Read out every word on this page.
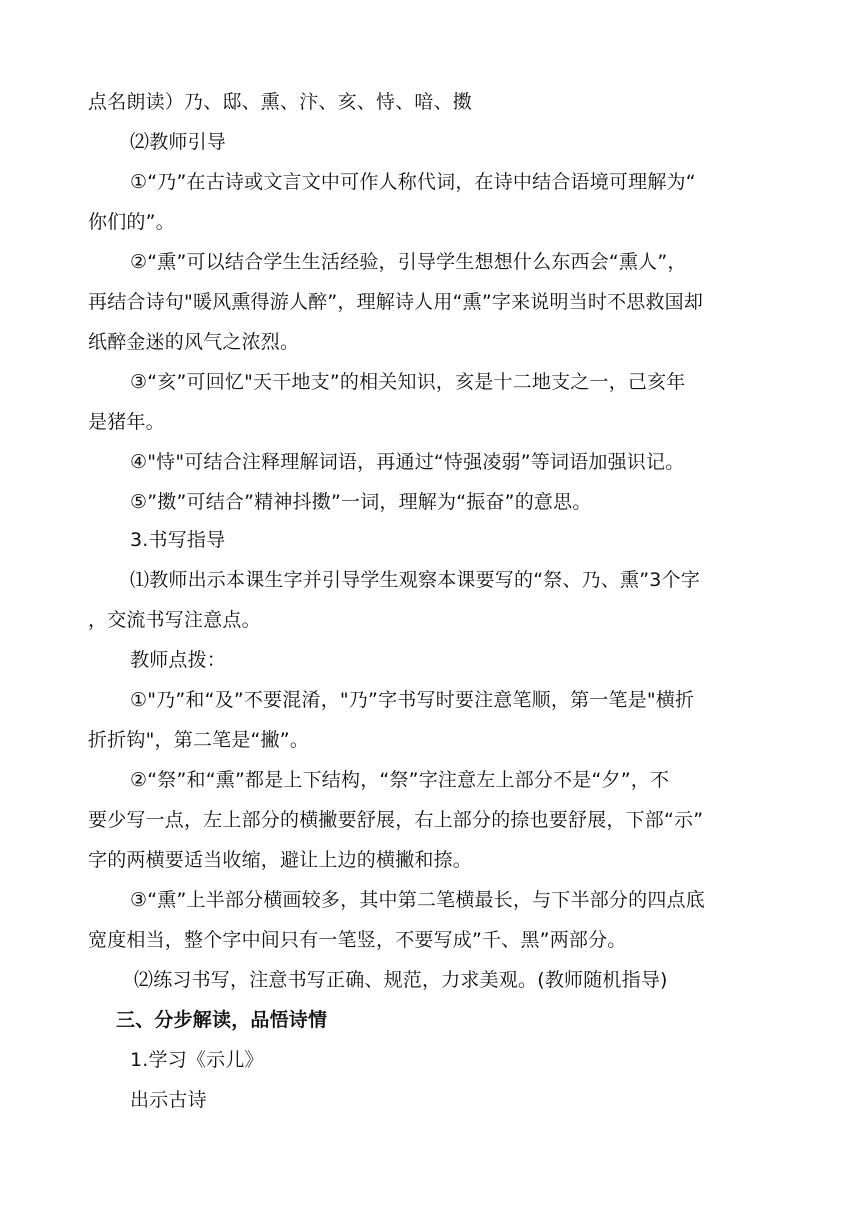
点名朗读）乃、邸、熏、汴、亥、恃、喑、擞
⑵教师引导
①“乃”在古诗或文言文中可作人称代词，在诗中结合语境可理解为“
你们的”。
②“熏”可以结合学生生活经验，引导学生想想什么东西会“熏人”，
再结合诗句"暖风熏得游人醉”，理解诗人用“熏”字来说明当时不思救国却
纸醉金迷的风气之浓烈。
③“亥”可回忆"天干地支”的相关知识，亥是十二地支之一，己亥年
是猪年。
④"恃"可结合注释理解词语，再通过“恃强凌弱”等词语加强识记。
⑤”擞”可结合”精神抖擞”一词，理解为“振奋”的意思。
3.书写指导
⑴教师出示本课生字并引导学生观察本课要写的“祭、乃、熏”3个字
，交流书写注意点。
教师点拨：
①"乃”和“及”不要混淆，"乃”字书写时要注意笔顺，第一笔是"横折
折折钩"，第二笔是“撇”。
②“祭”和“熏”都是上下结构，“祭”字注意左上部分不是“夕”，不
要少写一点，左上部分的横撇要舒展，右上部分的捺也要舒展，下部“示”
字的两横要适当收缩，避让上边的横撇和捺。
③“熏”上半部分横画较多，其中第二笔横最长，与下半部分的四点底
宽度相当，整个字中间只有一笔竖，不要写成”千、黑”两部分。
⑵练习书写，注意书写正确、规范，力求美观。(教师随机指导)
三、分步解读，品悟诗情
1.学习《示儿》
出示古诗
